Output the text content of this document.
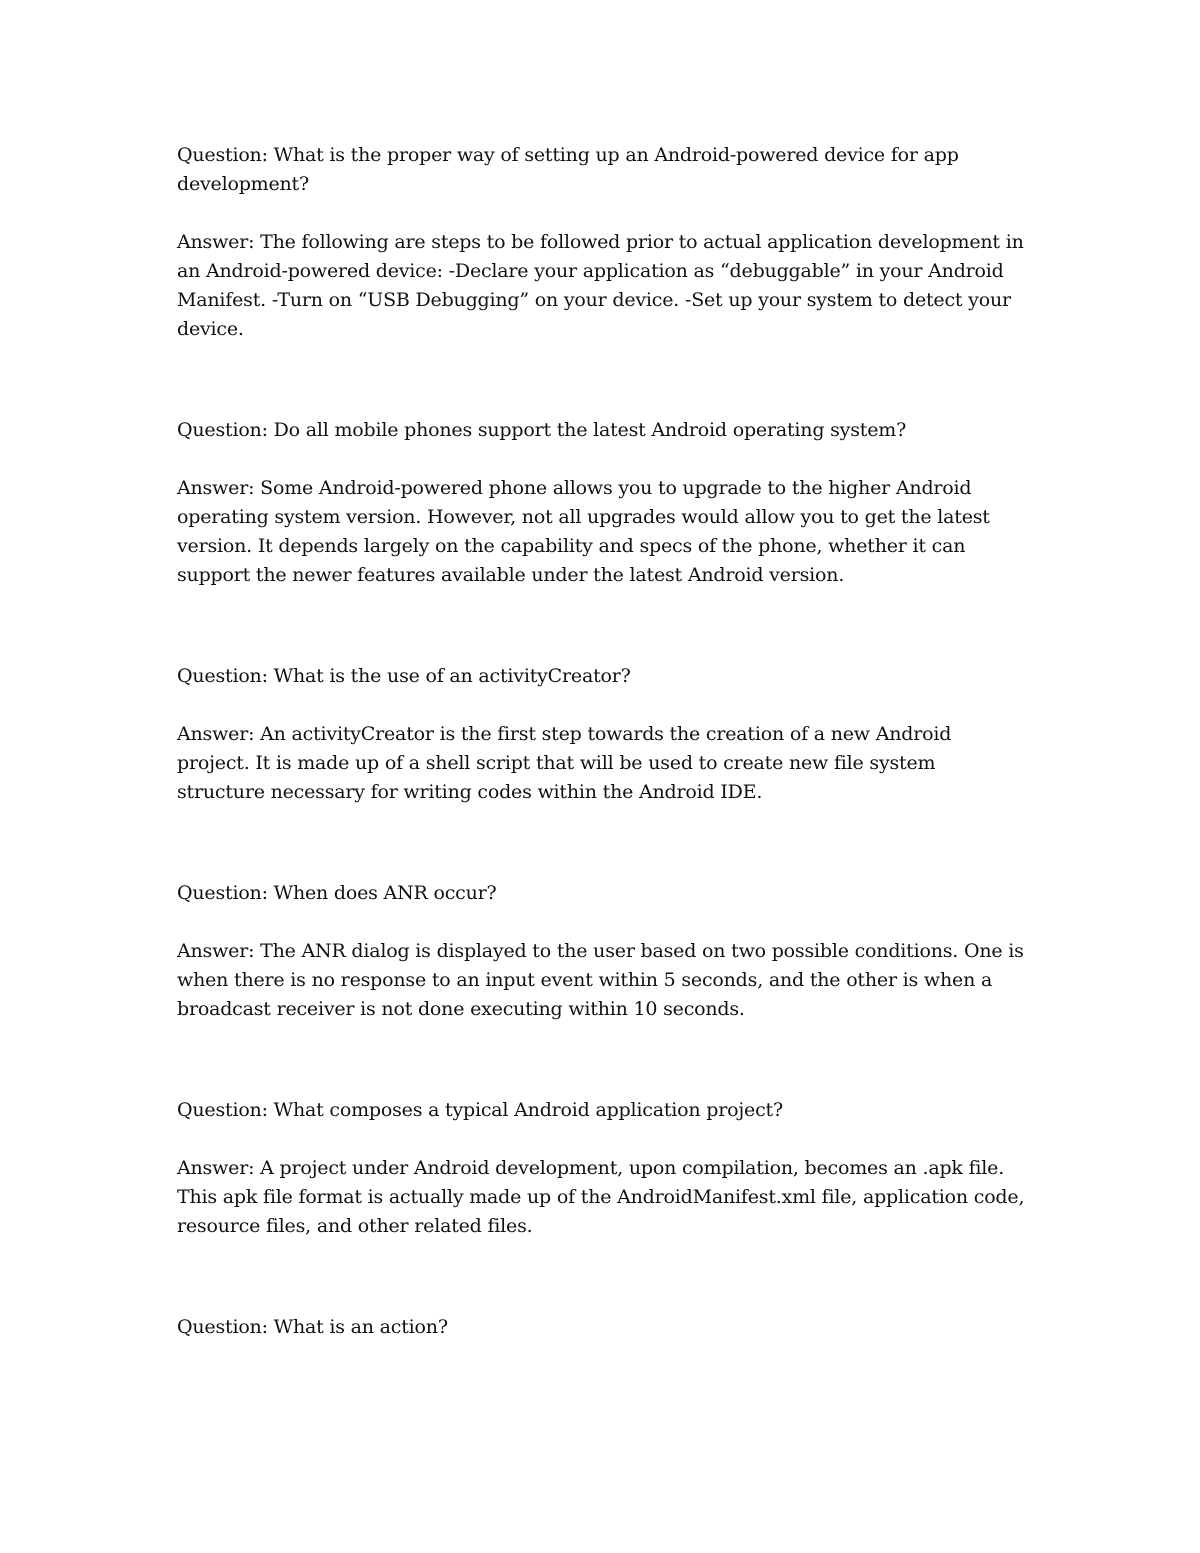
Question: What is the proper way of setting up an Android-powered device for app development?

Answer: The following are steps to be followed prior to actual application development in an Android-powered device: -Declare your application as “debuggable” in your Android Manifest. -Turn on “USB Debugging” on your device. -Set up your system to detect your device.

Question: Do all mobile phones support the latest Android operating system?

Answer: Some Android-powered phone allows you to upgrade to the higher Android operating system version. However, not all upgrades would allow you to get the latest version. It depends largely on the capability and specs of the phone, whether it can support the newer features available under the latest Android version.

Question: What is the use of an activityCreator?

Answer: An activityCreator is the first step towards the creation of a new Android project. It is made up of a shell script that will be used to create new file system structure necessary for writing codes within the Android IDE.

Question: When does ANR occur?

Answer: The ANR dialog is displayed to the user based on two possible conditions. One is when there is no response to an input event within 5 seconds, and the other is when a broadcast receiver is not done executing within 10 seconds.

Question: What composes a typical Android application project?

Answer: A project under Android development, upon compilation, becomes an .apk file. This apk file format is actually made up of the AndroidManifest.xml file, application code, resource files, and other related files.

Question: What is an action?
